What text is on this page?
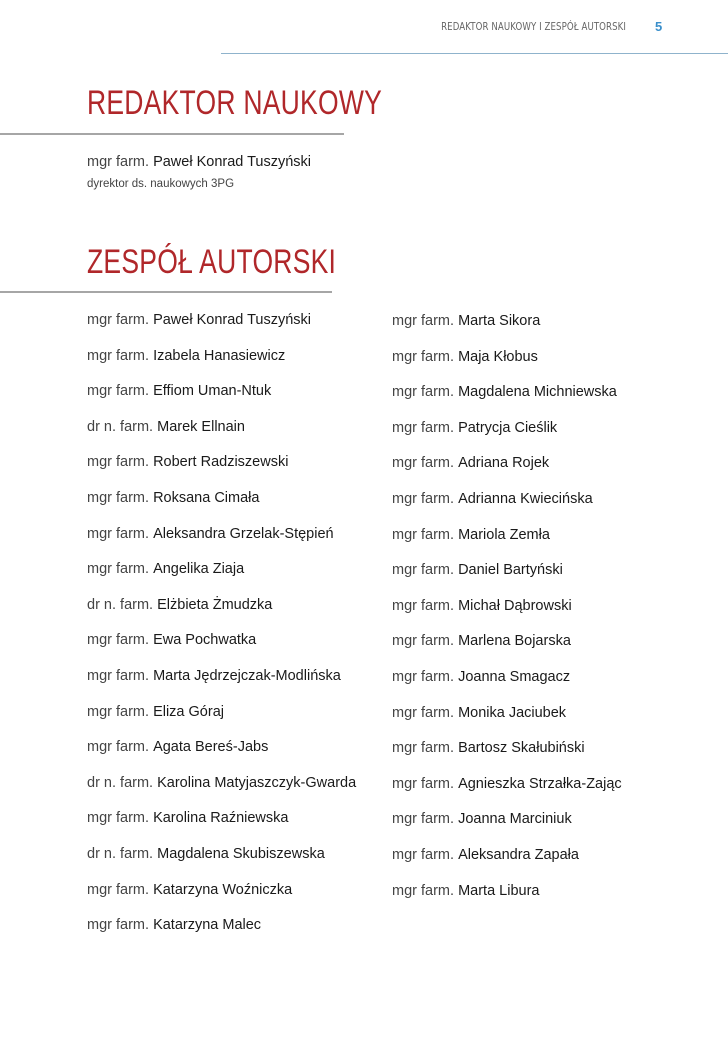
REDAKTOR NAUKOWY I ZESPÓŁ AUTORSKI 5
REDAKTOR NAUKOWY
mgr farm. Paweł Konrad Tuszyński
dyrektor ds. naukowych 3PG
ZESPÓŁ AUTORSKI
mgr farm. Paweł Konrad Tuszyński
mgr farm. Izabela Hanasiewicz
mgr farm. Effiom Uman-Ntuk
dr n. farm. Marek Ellnain
mgr farm. Robert Radziszewski
mgr farm. Roksana Cimała
mgr farm. Aleksandra Grzelak-Stępień
mgr farm. Angelika Ziaja
dr n. farm. Elżbieta Żmudzka
mgr farm. Ewa Pochwatka
mgr farm. Marta Jędrzejczak-Modlińska
mgr farm. Eliza Góraj
mgr farm. Agata Bereś-Jabs
dr n. farm. Karolina Matyjaszczyk-Gwarda
mgr farm. Karolina Raźniewska
dr n. farm. Magdalena Skubiszewska
mgr farm. Katarzyna Woźniczka
mgr farm. Katarzyna Malec
mgr farm. Marta Sikora
mgr farm. Maja Kłobus
mgr farm. Magdalena Michniewska
mgr farm. Patrycja Cieślik
mgr farm. Adriana Rojek
mgr farm. Adrianna Kwiecińska
mgr farm. Mariola Zemła
mgr farm. Daniel Bartyński
mgr farm. Michał Dąbrowski
mgr farm. Marlena Bojarska
mgr farm. Joanna Smagacz
mgr farm. Monika Jaciubek
mgr farm. Bartosz Skałubiński
mgr farm. Agnieszka Strzałka-Zając
mgr farm. Joanna Marciniuk
mgr farm. Aleksandra Zapała
mgr farm. Marta Libura
